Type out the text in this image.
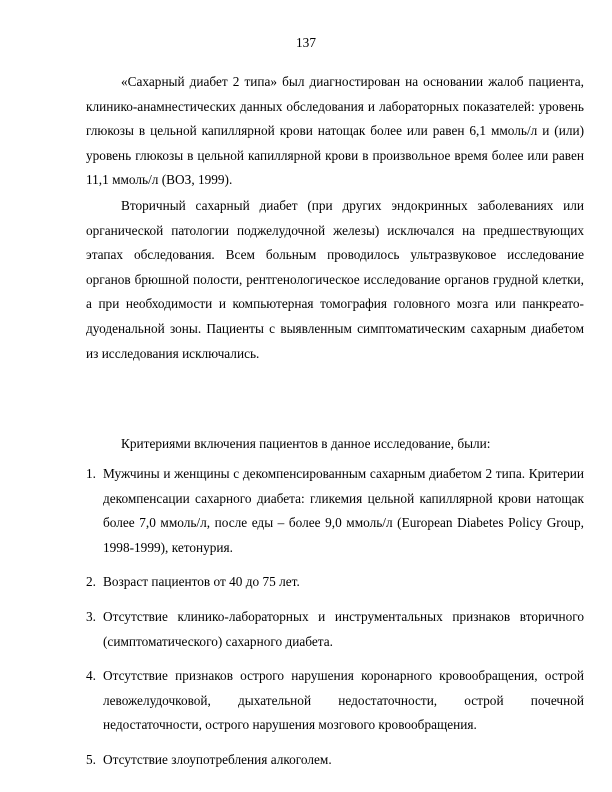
137

«Сахарный диабет 2 типа» был диагностирован на основании жалоб пациента, клинико-анамнестических данных обследования и лабораторных показателей: уровень глюкозы в цельной капиллярной крови натощак более или равен 6,1 ммоль/л и (или) уровень глюкозы в цельной капиллярной крови в произвольное время более или равен 11,1 ммоль/л (ВОЗ, 1999).

Вторичный сахарный диабет (при других эндокринных заболеваниях или органической патологии поджелудочной железы) исключался на предшествующих этапах обследования. Всем больным проводилось ультразвуковое исследование органов брюшной полости, рентгенологическое исследование органов грудной клетки, а при необходимости и компьютерная томография головного мозга или панкреато-дуоденальной зоны. Пациенты с выявленным симптоматическим сахарным диабетом из исследования исключались.

Критериями включения пациентов в данное исследование, были:

1. Мужчины и женщины с декомпенсированным сахарным диабетом 2 типа. Критерии декомпенсации сахарного диабета: гликемия цельной капиллярной крови натощак более 7,0 ммоль/л, после еды – более 9,0 ммоль/л (European Diabetes Policy Group, 1998-1999), кетонурия.
2. Возраст пациентов от 40 до 75 лет.
3. Отсутствие клинико-лабораторных и инструментальных признаков вторичного (симптоматического) сахарного диабета.
4. Отсутствие признаков острого нарушения коронарного кровообращения, острой левожелудочковой, дыхательной недостаточности, острой почечной недостаточности, острого нарушения мозгового кровообращения.
5. Отсутствие злоупотребления алкоголем.
